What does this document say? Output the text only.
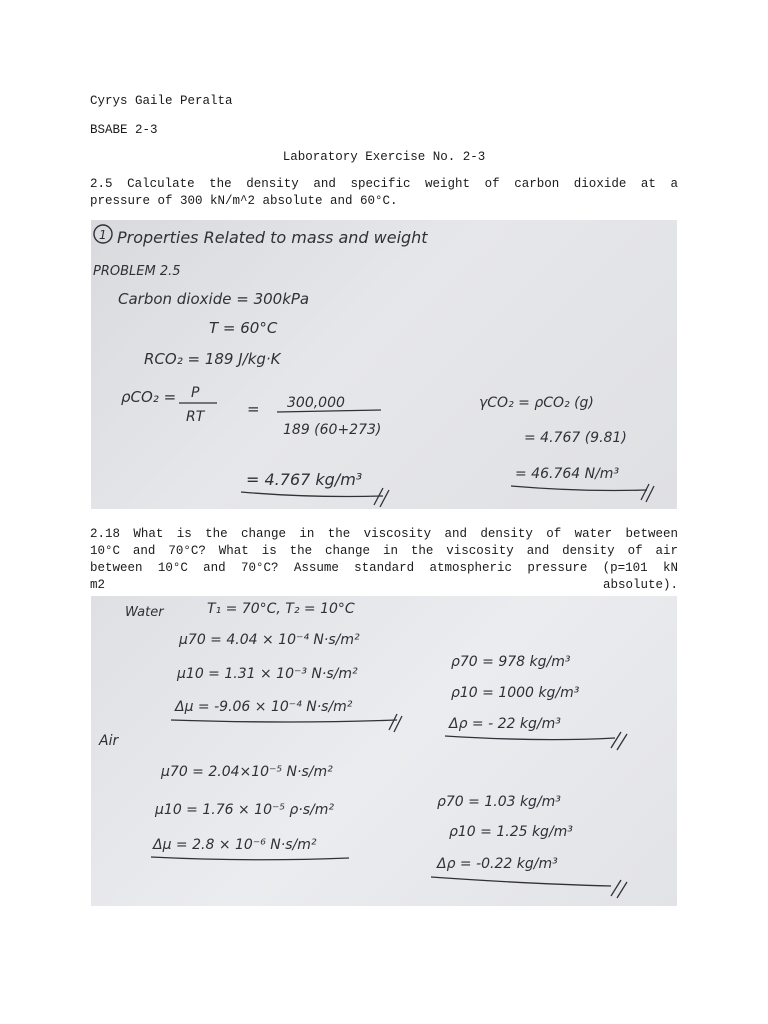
Cyrys Gaile Peralta
BSABE 2-3
Laboratory Exercise No. 2-3
2.5 Calculate the density and specific weight of carbon dioxide at a
pressure of 300 kN/m^2 absolute and 60°C.
1 Properties Related to mass and weight
PROBLEM 2.5
Carbon dioxide = 300kPa
T = 60°C
RCO₂ = 189 J/kg·K
ρCO₂ = P
RT	= 300,000
189 (60+273)
= 4.767 kg/m³
γCO₂ = ρCO₂ (g)
= 4.767 (9.81)
= 46.764 N/m³
2.18 What is the change in the viscosity and density of water between
10°C and 70°C? What is the change in the viscosity and density of air
between 10°C and 70°C? Assume standard atmospheric pressure (p=101 kN
m2	absolute).
Water	T₁ = 70°C, T₂ = 10°C
μ70 = 4.04 × 10⁻⁴ N·s/m²
μ10 = 1.31 × 10⁻³ N·s/m²
Δμ = -9.06 × 10⁻⁴ N·s/m²
ρ70 = 978 kg/m³
ρ10 = 1000 kg/m³
Δρ = - 22 kg/m³
Air
μ70 = 2.04×10⁻⁵ N·s/m²
μ10 = 1.76 × 10⁻⁵ ρ·s/m²
Δμ = 2.8 × 10⁻⁶ N·s/m²
ρ70 = 1.03 kg/m³
ρ10 = 1.25 kg/m³
Δρ = -0.22 kg/m³
